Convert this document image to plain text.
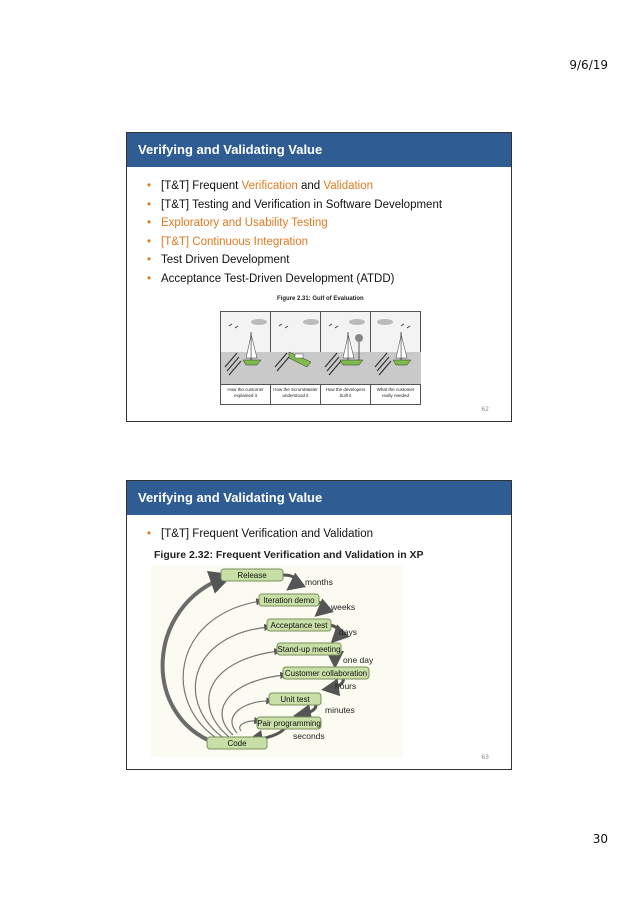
9/6/19
Verifying and Validating Value
• [T&T] Frequent Verification and Validation
• [T&T] Testing and Verification in Software Development
• Exploratory and Usability Testing
• [T&T] Continuous Integration
• Test Driven Development
• Acceptance Test-Driven Development (ATDD)
Figure 2.31: Gulf of Evaluation
How the customer
explained it
How the ScrumMaster
understood it
How the developers
built it
What the customer
really needed
62
Verifying and Validating Value
• [T&T] Frequent Verification and Validation
Figure 2.32: Frequent Verification and Validation in XP
Release
Iteration demo
Acceptance test
Stand-up meeting
Customer collaboration
Unit test
Pair programming
Code
months
weeks
days
one day
hours
minutes
seconds
63
30
